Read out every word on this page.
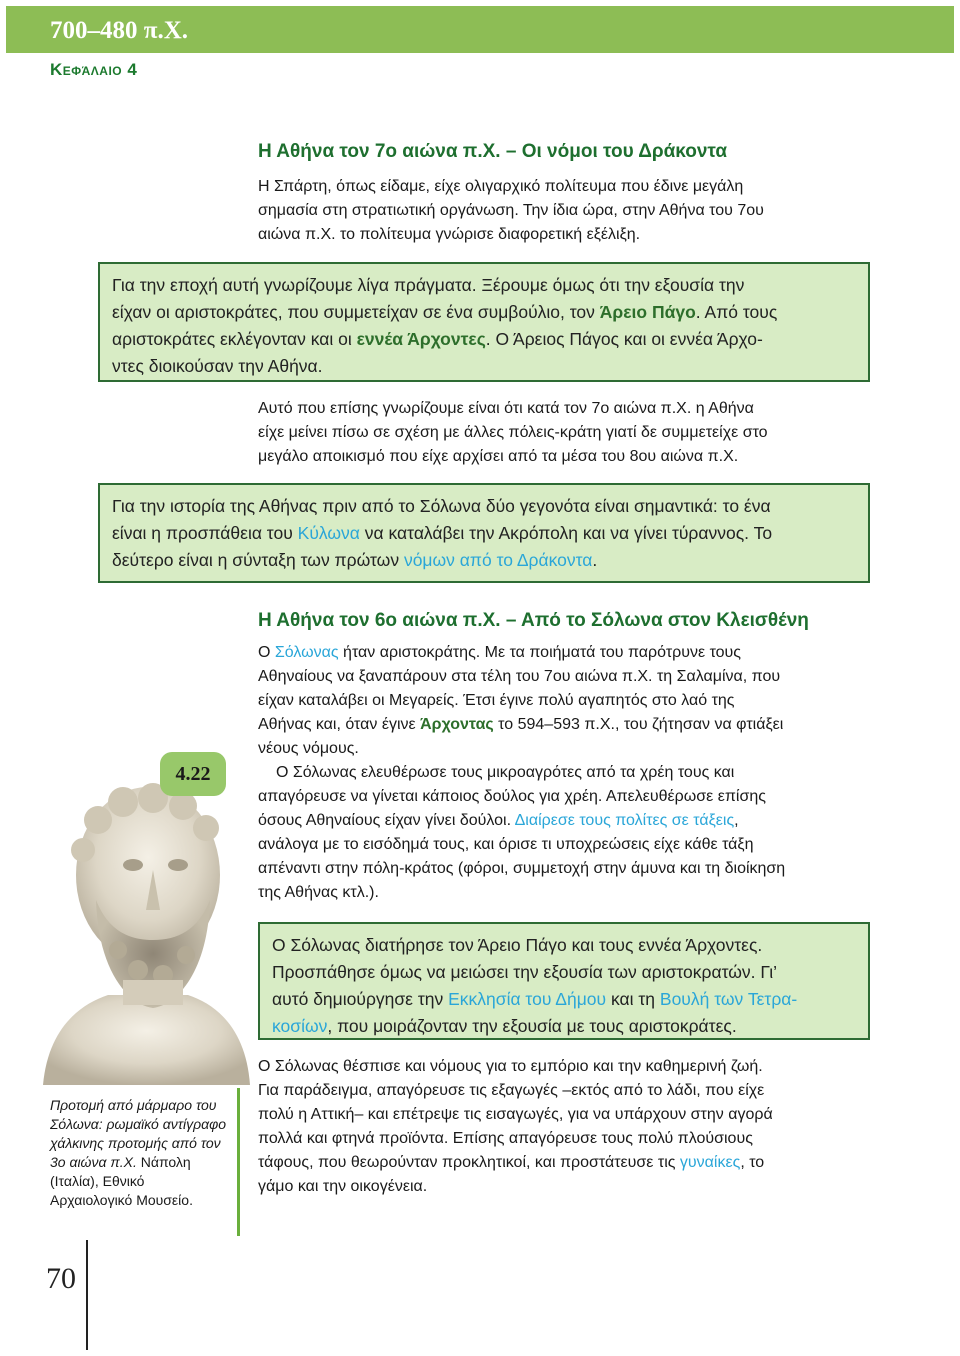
700–480 π.Χ.
Κεφάλαιο 4
Η Αθήνα τον 7ο αιώνα π.Χ. – Οι νόμοι του Δράκοντα
Η Σπάρτη, όπως είδαμε, είχε ολιγαρχικό πολίτευμα που έδινε μεγάλη
σημασία στη στρατιωτική οργάνωση. Την ίδια ώρα, στην Αθήνα του 7ου
αιώνα π.Χ. το πολίτευμα γνώρισε διαφορετική εξέλιξη.
Για την εποχή αυτή γνωρίζουμε λίγα πράγματα. Ξέρουμε όμως ότι την εξουσία την
είχαν οι αριστοκράτες, που συμμετείχαν σε ένα συμβούλιο, τον Άρειο Πάγο. Από τους
αριστοκράτες εκλέγονταν και οι εννέα Άρχοντες. Ο Άρειος Πάγος και οι εννέα Άρχο-
ντες διοικούσαν την Αθήνα.
Αυτό που επίσης γνωρίζουμε είναι ότι κατά τον 7ο αιώνα π.Χ. η Αθήνα
είχε μείνει πίσω σε σχέση με άλλες πόλεις-κράτη γιατί δε συμμετείχε στο
μεγάλο αποικισμό που είχε αρχίσει από τα μέσα του 8ου αιώνα π.Χ.
Για την ιστορία της Αθήνας πριν από το Σόλωνα δύο γεγονότα είναι σημαντικά: το ένα
είναι η προσπάθεια του Κύλωνα να καταλάβει την Ακρόπολη και να γίνει τύραννος. Το
δεύτερο είναι η σύνταξη των πρώτων νόμων από το Δράκοντα.
Η Αθήνα τον 6ο αιώνα π.Χ. – Από το Σόλωνα στον Κλεισθένη
Ο Σόλωνας ήταν αριστοκράτης. Με τα ποιήματά του παρότρυνε τους
Αθηναίους να ξαναπάρουν στα τέλη του 7ου αιώνα π.Χ. τη Σαλαμίνα, που
είχαν καταλάβει οι Μεγαρείς. Έτσι έγινε πολύ αγαπητός στο λαό της
Αθήνας και, όταν έγινε Άρχοντας το 594–593 π.Χ., του ζήτησαν να φτιάξει
νέους νόμους.
Ο Σόλωνας ελευθέρωσε τους μικροαγρότες από τα χρέη τους και
απαγόρευσε να γίνεται κάποιος δούλος για χρέη. Απελευθέρωσε επίσης
όσους Αθηναίους είχαν γίνει δούλοι. Διαίρεσε τους πολίτες σε τάξεις,
ανάλογα με το εισόδημά τους, και όρισε τι υποχρεώσεις είχε κάθε τάξη
απέναντι στην πόλη-κράτος (φόροι, συμμετοχή στην άμυνα και τη διοίκηση
της Αθήνας κτλ.).
Ο Σόλωνας διατήρησε τον Άρειο Πάγο και τους εννέα Άρχοντες.
Προσπάθησε όμως να μειώσει την εξουσία των αριστοκρατών. Γι’
αυτό δημιούργησε την Εκκλησία του Δήμου και τη Βουλή των Τετρα-
κοσίων, που μοιράζονταν την εξουσία με τους αριστοκράτες.
Ο Σόλωνας θέσπισε και νόμους για το εμπόριο και την καθημερινή ζωή.
Για παράδειγμα, απαγόρευσε τις εξαγωγές –εκτός από το λάδι, που είχε
πολύ η Αττική– και επέτρεψε τις εισαγωγές, για να υπάρχουν στην αγορά
πολλά και φτηνά προϊόντα. Επίσης απαγόρευσε τους πολύ πλούσιους
τάφους, που θεωρούνταν προκλητικοί, και προστάτευσε τις γυναίκες, το
γάμο και την οικογένεια.
4.22
Προτομή από μάρμαρο του Σόλωνα: ρωμαϊκό αντίγραφο χάλκινης προτομής από τον 3ο αιώνα π.Χ. Νάπολη (Ιταλία), Εθνικό Αρχαιολογικό Μουσείο.
70
